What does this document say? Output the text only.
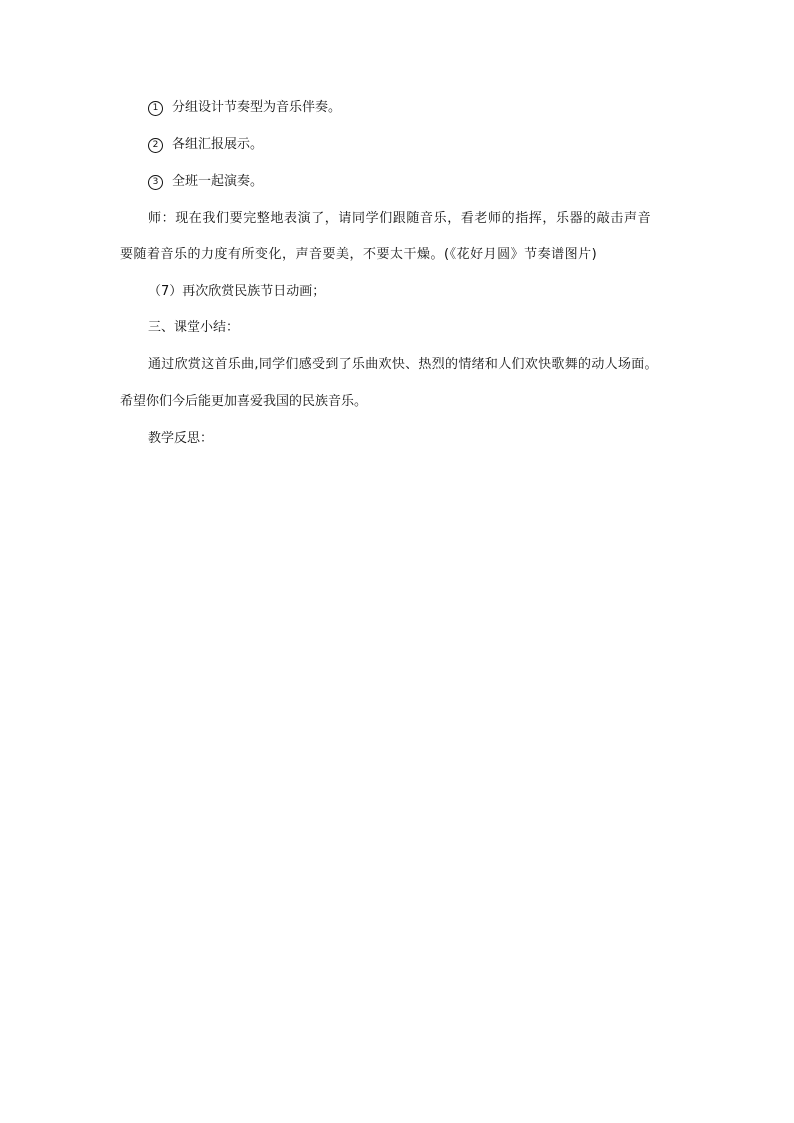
1 分组设计节奏型为音乐伴奏。
2 各组汇报展示。
3 全班一起演奏。
师：现在我们要完整地表演了，请同学们跟随音乐，看老师的指挥，乐器的敲击声音
要随着音乐的力度有所变化，声音要美，不要太干燥。(《花好月圆》节奏谱图片)
（7）再次欣赏民族节日动画；
三、课堂小结：
通过欣赏这首乐曲,同学们感受到了乐曲欢快、热烈的情绪和人们欢快歌舞的动人场面。
希望你们今后能更加喜爱我国的民族音乐。
教学反思：
